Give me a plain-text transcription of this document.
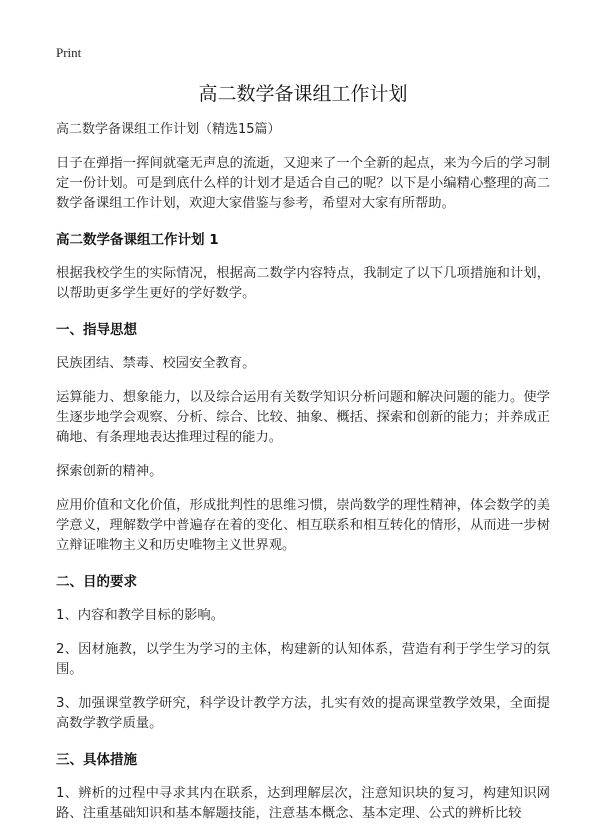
Print
高二数学备课组工作计划
高二数学备课组工作计划（精选15篇）

日子在弹指一挥间就毫无声息的流逝，又迎来了一个全新的起点，来为今后的学习制定一份计划。可是到底什么样的计划才是适合自己的呢？以下是小编精心整理的高二数学备课组工作计划，欢迎大家借鉴与参考，希望对大家有所帮助。

高二数学备课组工作计划 1

根据我校学生的实际情况，根据高二数学内容特点，我制定了以下几项措施和计划，以帮助更多学生更好的学好数学。

一、指导思想

民族团结、禁毒、校园安全教育。

运算能力、想象能力，以及综合运用有关数学知识分析问题和解决问题的能力。使学生逐步地学会观察、分析、综合、比较、抽象、概括、探索和创新的能力；并养成正确地、有条理地表达推理过程的能力。

探索创新的精神。

应用价值和文化价值，形成批判性的思维习惯，崇尚数学的理性精神，体会数学的美学意义，理解数学中普遍存在着的变化、相互联系和相互转化的情形，从而进一步树立辩证唯物主义和历史唯物主义世界观。

二、目的要求

1、内容和教学目标的影响。

2、因材施教，以学生为学习的主体，构建新的认知体系，营造有利于学生学习的氛围。

3、加强课堂教学研究，科学设计教学方法，扎实有效的提高课堂教学效果，全面提高数学教学质量。

三、具体措施

1、辨析的过程中寻求其内在联系，达到理解层次，注意知识块的复习，构建知识网路、注重基础知识和基本解题技能，注意基本概念、基本定理、公式的辨析比较
